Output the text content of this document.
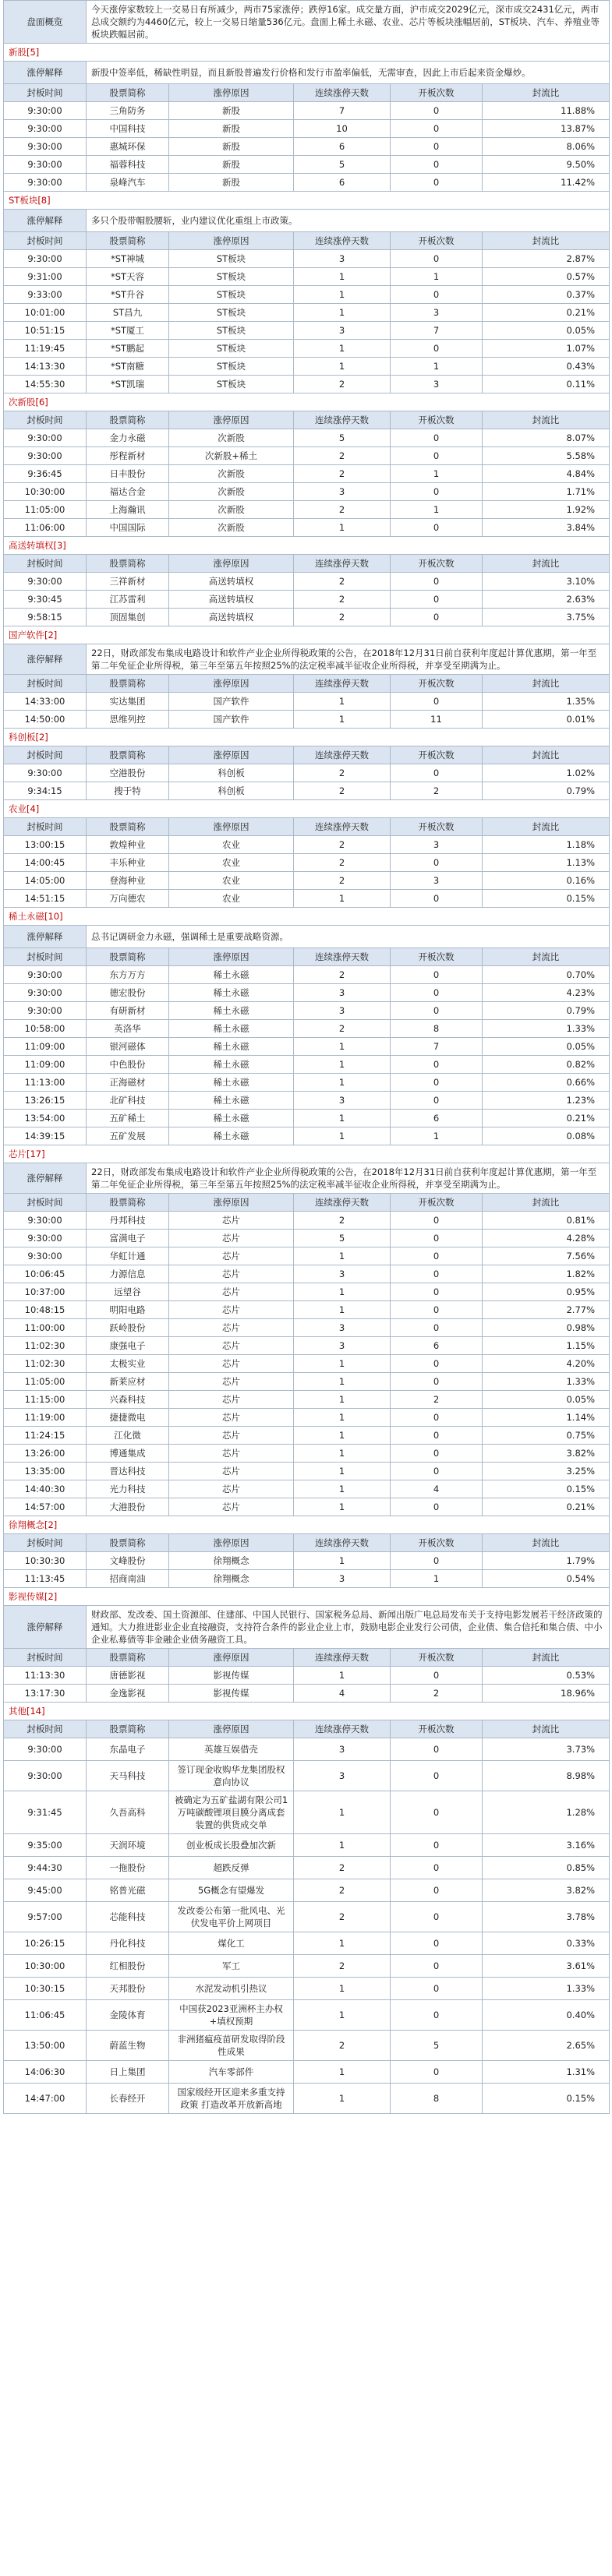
盘面概览	今天涨停家数较上一交易日有所减少，两市75家涨停；跌停16家。成交量方面，沪市成交2029亿元，深市成交2431亿元，两市总成交额约为4460亿元，较上一交易日缩量536亿元。盘面上稀土永磁、农业、芯片等板块涨幅居前，ST板块、汽车、养殖业等板块跌幅居前。				
新股[5]					
涨停解释	新股中签率低，稀缺性明显，而且新股普遍发行价格和发行市盈率偏低，无需审查，因此上市后起来资金爆炒。				
封板时间	股票简称	涨停原因	连续涨停天数	开板次数	封流比
9:30:00	三角防务	新股	7	0	11.88%
9:30:00	中国科技	新股	10	0	13.87%
9:30:00	惠城环保	新股	6	0	8.06%
9:30:00	福蓉科技	新股	5	0	9.50%
9:30:00	泉峰汽车	新股	6	0	11.42%
ST板块[8]					
涨停解释	多只个股带帽股腰斩，业内建议优化重组上市政策。				
封板时间	股票简称	涨停原因	连续涨停天数	开板次数	封流比
9:30:00	*ST神城	ST板块	3	0	2.87%
9:31:00	*ST天容	ST板块	1	1	0.57%
9:33:00	*ST升谷	ST板块	1	0	0.37%
10:01:00	ST昌九	ST板块	1	3	0.21%
10:51:15	*ST厦工	ST板块	3	7	0.05%
11:19:45	*ST鹏起	ST板块	1	0	1.07%
14:13:30	*ST南糖	ST板块	1	1	0.43%
14:55:30	*ST凯瑞	ST板块	2	3	0.11%
次新股[6]					
封板时间	股票简称	涨停原因	连续涨停天数	开板次数	封流比
9:30:00	金力永磁	次新股	5	0	8.07%
9:30:00	彤程新材	次新股+稀土	2	0	5.58%
9:36:45	日丰股份	次新股	2	1	4.84%
10:30:00	福达合金	次新股	3	0	1.71%
11:05:00	上海瀚讯	次新股	2	1	1.92%
11:06:00	中国国际	次新股	1	0	3.84%
高送转填权[3]					
封板时间	股票简称	涨停原因	连续涨停天数	开板次数	封流比
9:30:00	三祥新材	高送转填权	2	0	3.10%
9:30:45	江苏雷利	高送转填权	2	0	2.63%
9:58:15	顶固集创	高送转填权	2	0	3.75%
国产软件[2]					
涨停解释	22日，财政部发布集成电路设计和软件产业企业所得税政策的公告，在2018年12月31日前自获利年度起计算优惠期，第一年至第二年免征企业所得税，第三年至第五年按照25%的法定税率减半征收企业所得税，并享受至期满为止。				
封板时间	股票简称	涨停原因	连续涨停天数	开板次数	封流比
14:33:00	实达集团	国产软件	1	0	1.35%
14:50:00	思维列控	国产软件	1	11	0.01%
科创板[2]					
封板时间	股票简称	涨停原因	连续涨停天数	开板次数	封流比
9:30:00	空港股份	科创板	2	0	1.02%
9:34:15	搜于特	科创板	2	2	0.79%
农业[4]					
封板时间	股票简称	涨停原因	连续涨停天数	开板次数	封流比
13:00:15	敦煌种业	农业	2	3	1.18%
14:00:45	丰乐种业	农业	2	0	1.13%
14:05:00	登海种业	农业	2	3	0.16%
14:51:15	万向德农	农业	1	0	0.15%
稀土永磁[10]					
涨停解释	总书记调研金力永磁，强调稀土是重要战略资源。				
封板时间	股票简称	涨停原因	连续涨停天数	开板次数	封流比
9:30:00	东方万方	稀土永磁	2	0	0.70%
9:30:00	德宏股份	稀土永磁	3	0	4.23%
9:30:00	有研新材	稀土永磁	3	0	0.79%
10:58:00	英洛华	稀土永磁	2	8	1.33%
11:09:00	银河磁体	稀土永磁	1	7	0.05%
11:09:00	中色股份	稀土永磁	1	0	0.82%
11:13:00	正海磁材	稀土永磁	1	0	0.66%
13:26:15	北矿科技	稀土永磁	3	0	1.23%
13:54:00	五矿稀土	稀土永磁	1	6	0.21%
14:39:15	五矿发展	稀土永磁	1	1	0.08%
芯片[17]					
涨停解释	22日，财政部发布集成电路设计和软件产业企业所得税政策的公告，在2018年12月31日前自获利年度起计算优惠期，第一年至第二年免征企业所得税，第三年至第五年按照25%的法定税率减半征收企业所得税，并享受至期满为止。				
封板时间	股票简称	涨停原因	连续涨停天数	开板次数	封流比
9:30:00	丹邦科技	芯片	2	0	0.81%
9:30:00	富满电子	芯片	5	0	4.28%
9:30:00	华虹计通	芯片	1	0	7.56%
10:06:45	力源信息	芯片	3	0	1.82%
10:37:00	远望谷	芯片	1	0	0.95%
10:48:15	明阳电路	芯片	1	0	2.77%
11:00:00	跃岭股份	芯片	3	0	0.98%
11:02:30	康强电子	芯片	3	6	1.15%
11:02:30	太极实业	芯片	1	0	4.20%
11:05:00	新莱应材	芯片	1	0	1.33%
11:15:00	兴森科技	芯片	1	2	0.05%
11:19:00	捷捷微电	芯片	1	0	1.14%
11:24:15	江化微	芯片	1	0	0.75%
13:26:00	博通集成	芯片	1	0	3.82%
13:35:00	晋达科技	芯片	1	0	3.25%
14:40:30	光力科技	芯片	1	4	0.15%
14:57:00	大港股份	芯片	1	0	0.21%
徐翔概念[2]					
封板时间	股票简称	涨停原因	连续涨停天数	开板次数	封流比
10:30:30	文峰股份	徐翔概念	1	0	1.79%
11:13:45	招商南油	徐翔概念	3	1	0.54%
影视传媒[2]					
涨停解释	财政部、发改委、国土资源部、住建部、中国人民银行、国家税务总局、新闻出版广电总局发布关于支持电影发展若干经济政策的通知。大力推进影业企业直接融资，支持符合条件的影业企业上市，鼓励电影企业发行公司债，企业债、集合信托和集合债、中小企业私募债等非金融企业债务融资工具。				
封板时间	股票简称	涨停原因	连续涨停天数	开板次数	封流比
11:13:30	唐德影视	影视传媒	1	0	0.53%
13:17:30	金逸影视	影视传媒	4	2	18.96%
其他[14]					
封板时间	股票简称	涨停原因	连续涨停天数	开板次数	封流比
9:30:00	东晶电子	英雄互娱借壳	3	0	3.73%
9:30:00	天马科技	签订现金收购华龙集团股权意向协议	3	0	8.98%
9:31:45	久吾高科	被确定为五矿盐湖有限公司1万吨碳酸锂项目膜分离成套装置的供货成交单	1	0	1.28%
9:35:00	天润环境	创业板成长股叠加次新	1	0	3.16%
9:44:30	一拖股份	超跌反弹	2	0	0.85%
9:45:00	铭普光磁	5G概念有望爆发	2	0	3.82%
9:57:00	芯能科技	发改委公布第一批风电、光伏发电平价上网项目	2	0	3.78%
10:26:15	丹化科技	煤化工	1	0	0.33%
10:30:00	红相股份	军工	2	0	3.61%
10:30:15	天邦股份	水泥发动机引热议	1	0	1.33%
11:06:45	金陵体育	中国获2023亚洲杯主办权+填权预期	1	0	0.40%
13:50:00	蔚蓝生物	非洲猪瘟疫苗研发取得阶段性成果	2	5	2.65%
14:06:30	日上集团	汽车零部件	1	0	1.31%
14:47:00	长春经开	国家级经开区迎来多重支持政策 打造改革开放新高地	1	8	0.15%
